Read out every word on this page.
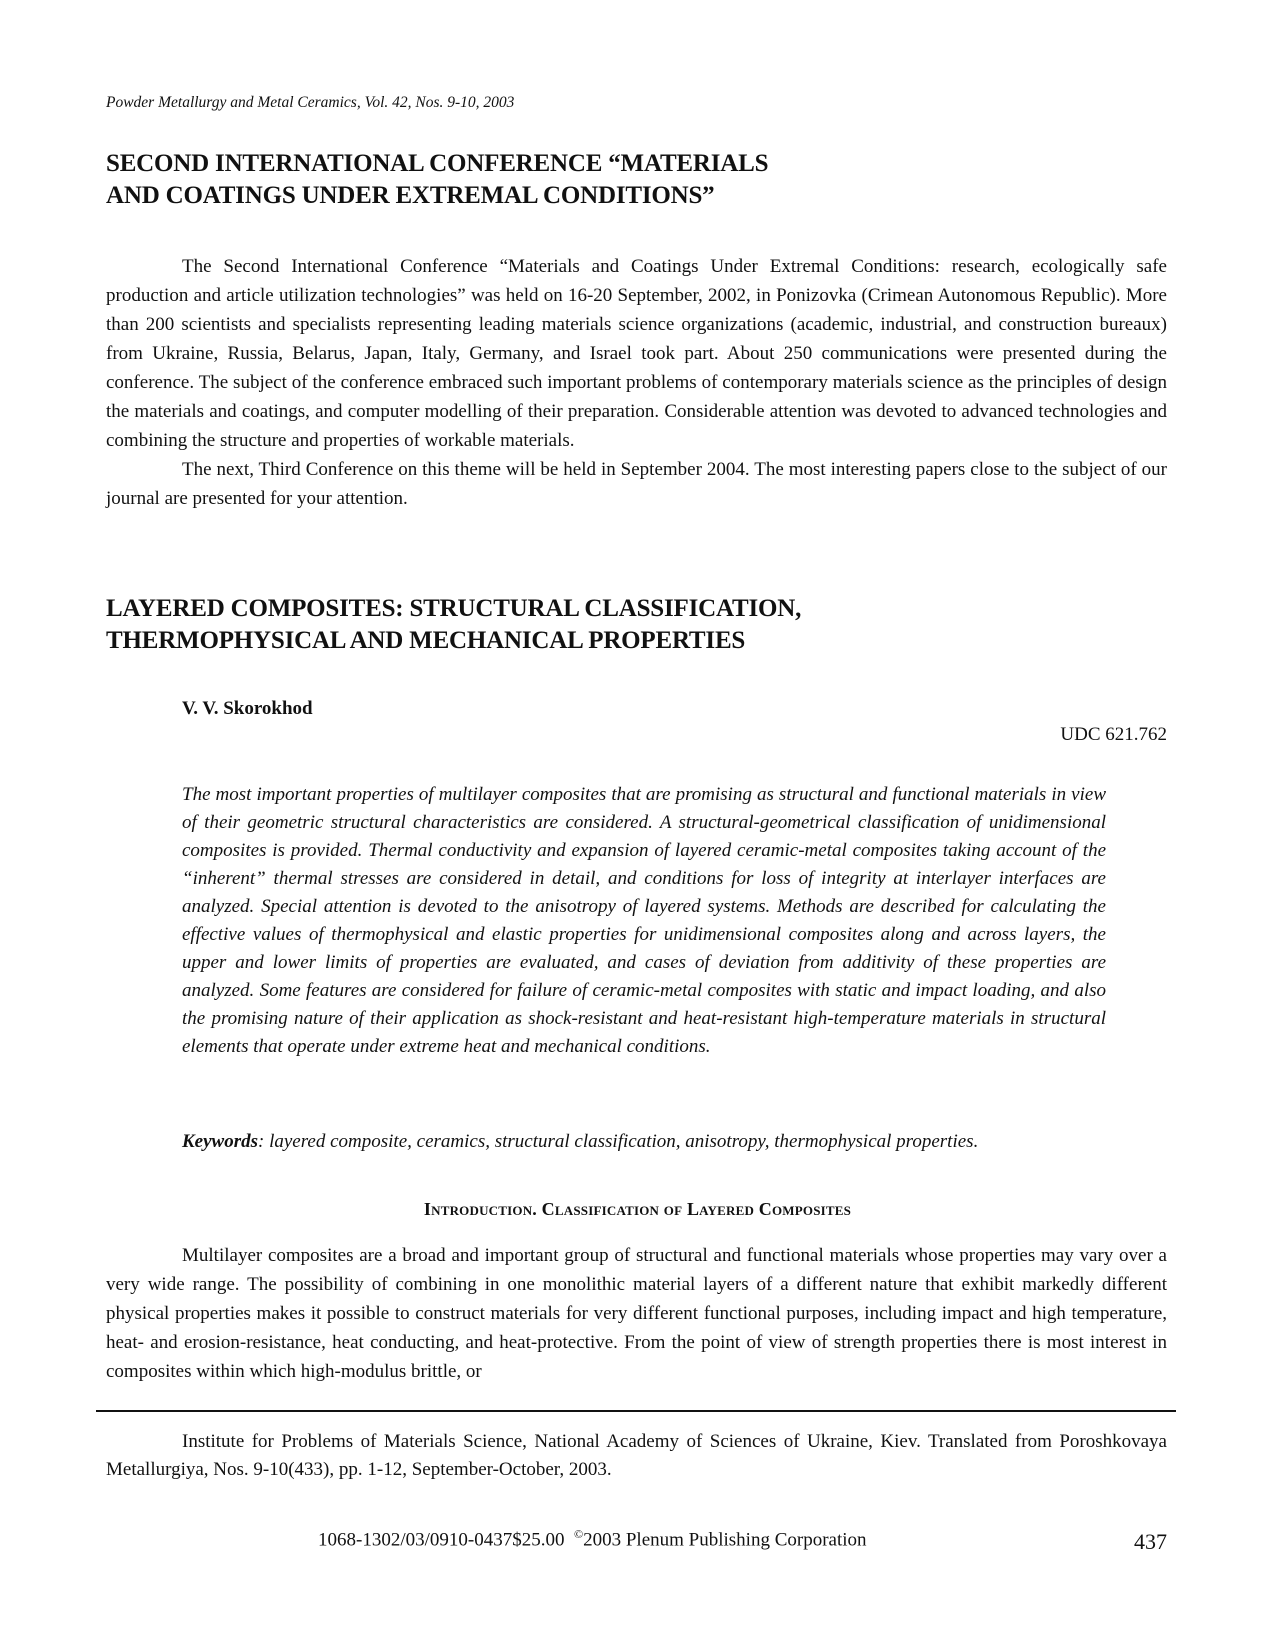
Powder Metallurgy and Metal Ceramics, Vol. 42, Nos. 9-10, 2003
SECOND INTERNATIONAL CONFERENCE “MATERIALS
AND COATINGS UNDER EXTREMAL CONDITIONS”

The Second International Conference “Materials and Coatings Under Extremal Conditions: research, ecologically safe production and article utilization technologies” was held on 16-20 September, 2002, in Ponizovka (Crimean Autonomous Republic). More than 200 scientists and specialists representing leading materials science organizations (academic, industrial, and construction bureaux) from Ukraine, Russia, Belarus, Japan, Italy, Germany, and Israel took part. About 250 communications were presented during the conference. The subject of the conference embraced such important problems of contemporary materials science as the principles of design the materials and coatings, and computer modelling of their preparation. Considerable attention was devoted to advanced technologies and combining the structure and properties of workable materials.

The next, Third Conference on this theme will be held in September 2004. The most interesting papers close to the subject of our journal are presented for your attention.

LAYERED COMPOSITES: STRUCTURAL CLASSIFICATION,
THERMOPHYSICAL AND MECHANICAL PROPERTIES
V. V. Skorokhod
UDC 621.762
The most important properties of multilayer composites that are promising as structural and functional materials in view of their geometric structural characteristics are considered. A structural-geometrical classification of unidimensional composites is provided. Thermal conductivity and expansion of layered ceramic-metal composites taking account of the “inherent” thermal stresses are considered in detail, and conditions for loss of integrity at interlayer interfaces are analyzed. Special attention is devoted to the anisotropy of layered systems. Methods are described for calculating the effective values of thermophysical and elastic properties for unidimensional composites along and across layers, the upper and lower limits of properties are evaluated, and cases of deviation from additivity of these properties are analyzed. Some features are considered for failure of ceramic-metal composites with static and impact loading, and also the promising nature of their application as shock-resistant and heat-resistant high-temperature materials in structural elements that operate under extreme heat and mechanical conditions.
Keywords: layered composite, ceramics, structural classification, anisotropy, thermophysical properties.
Introduction. Classification of Layered Composites

Multilayer composites are a broad and important group of structural and functional materials whose properties may vary over a very wide range. The possibility of combining in one monolithic material layers of a different nature that exhibit markedly different physical properties makes it possible to construct materials for very different functional purposes, including impact and high temperature, heat- and erosion-resistance, heat conducting, and heat-protective. From the point of view of strength properties there is most interest in composites within which high-modulus brittle, or

Institute for Problems of Materials Science, National Academy of Sciences of Ukraine, Kiev. Translated from Poroshkovaya Metallurgiya, Nos. 9-10(433), pp. 1-12, September-October, 2003.

1068-1302/03/0910-0437$25.00 ©2003 Plenum Publishing Corporation	437
